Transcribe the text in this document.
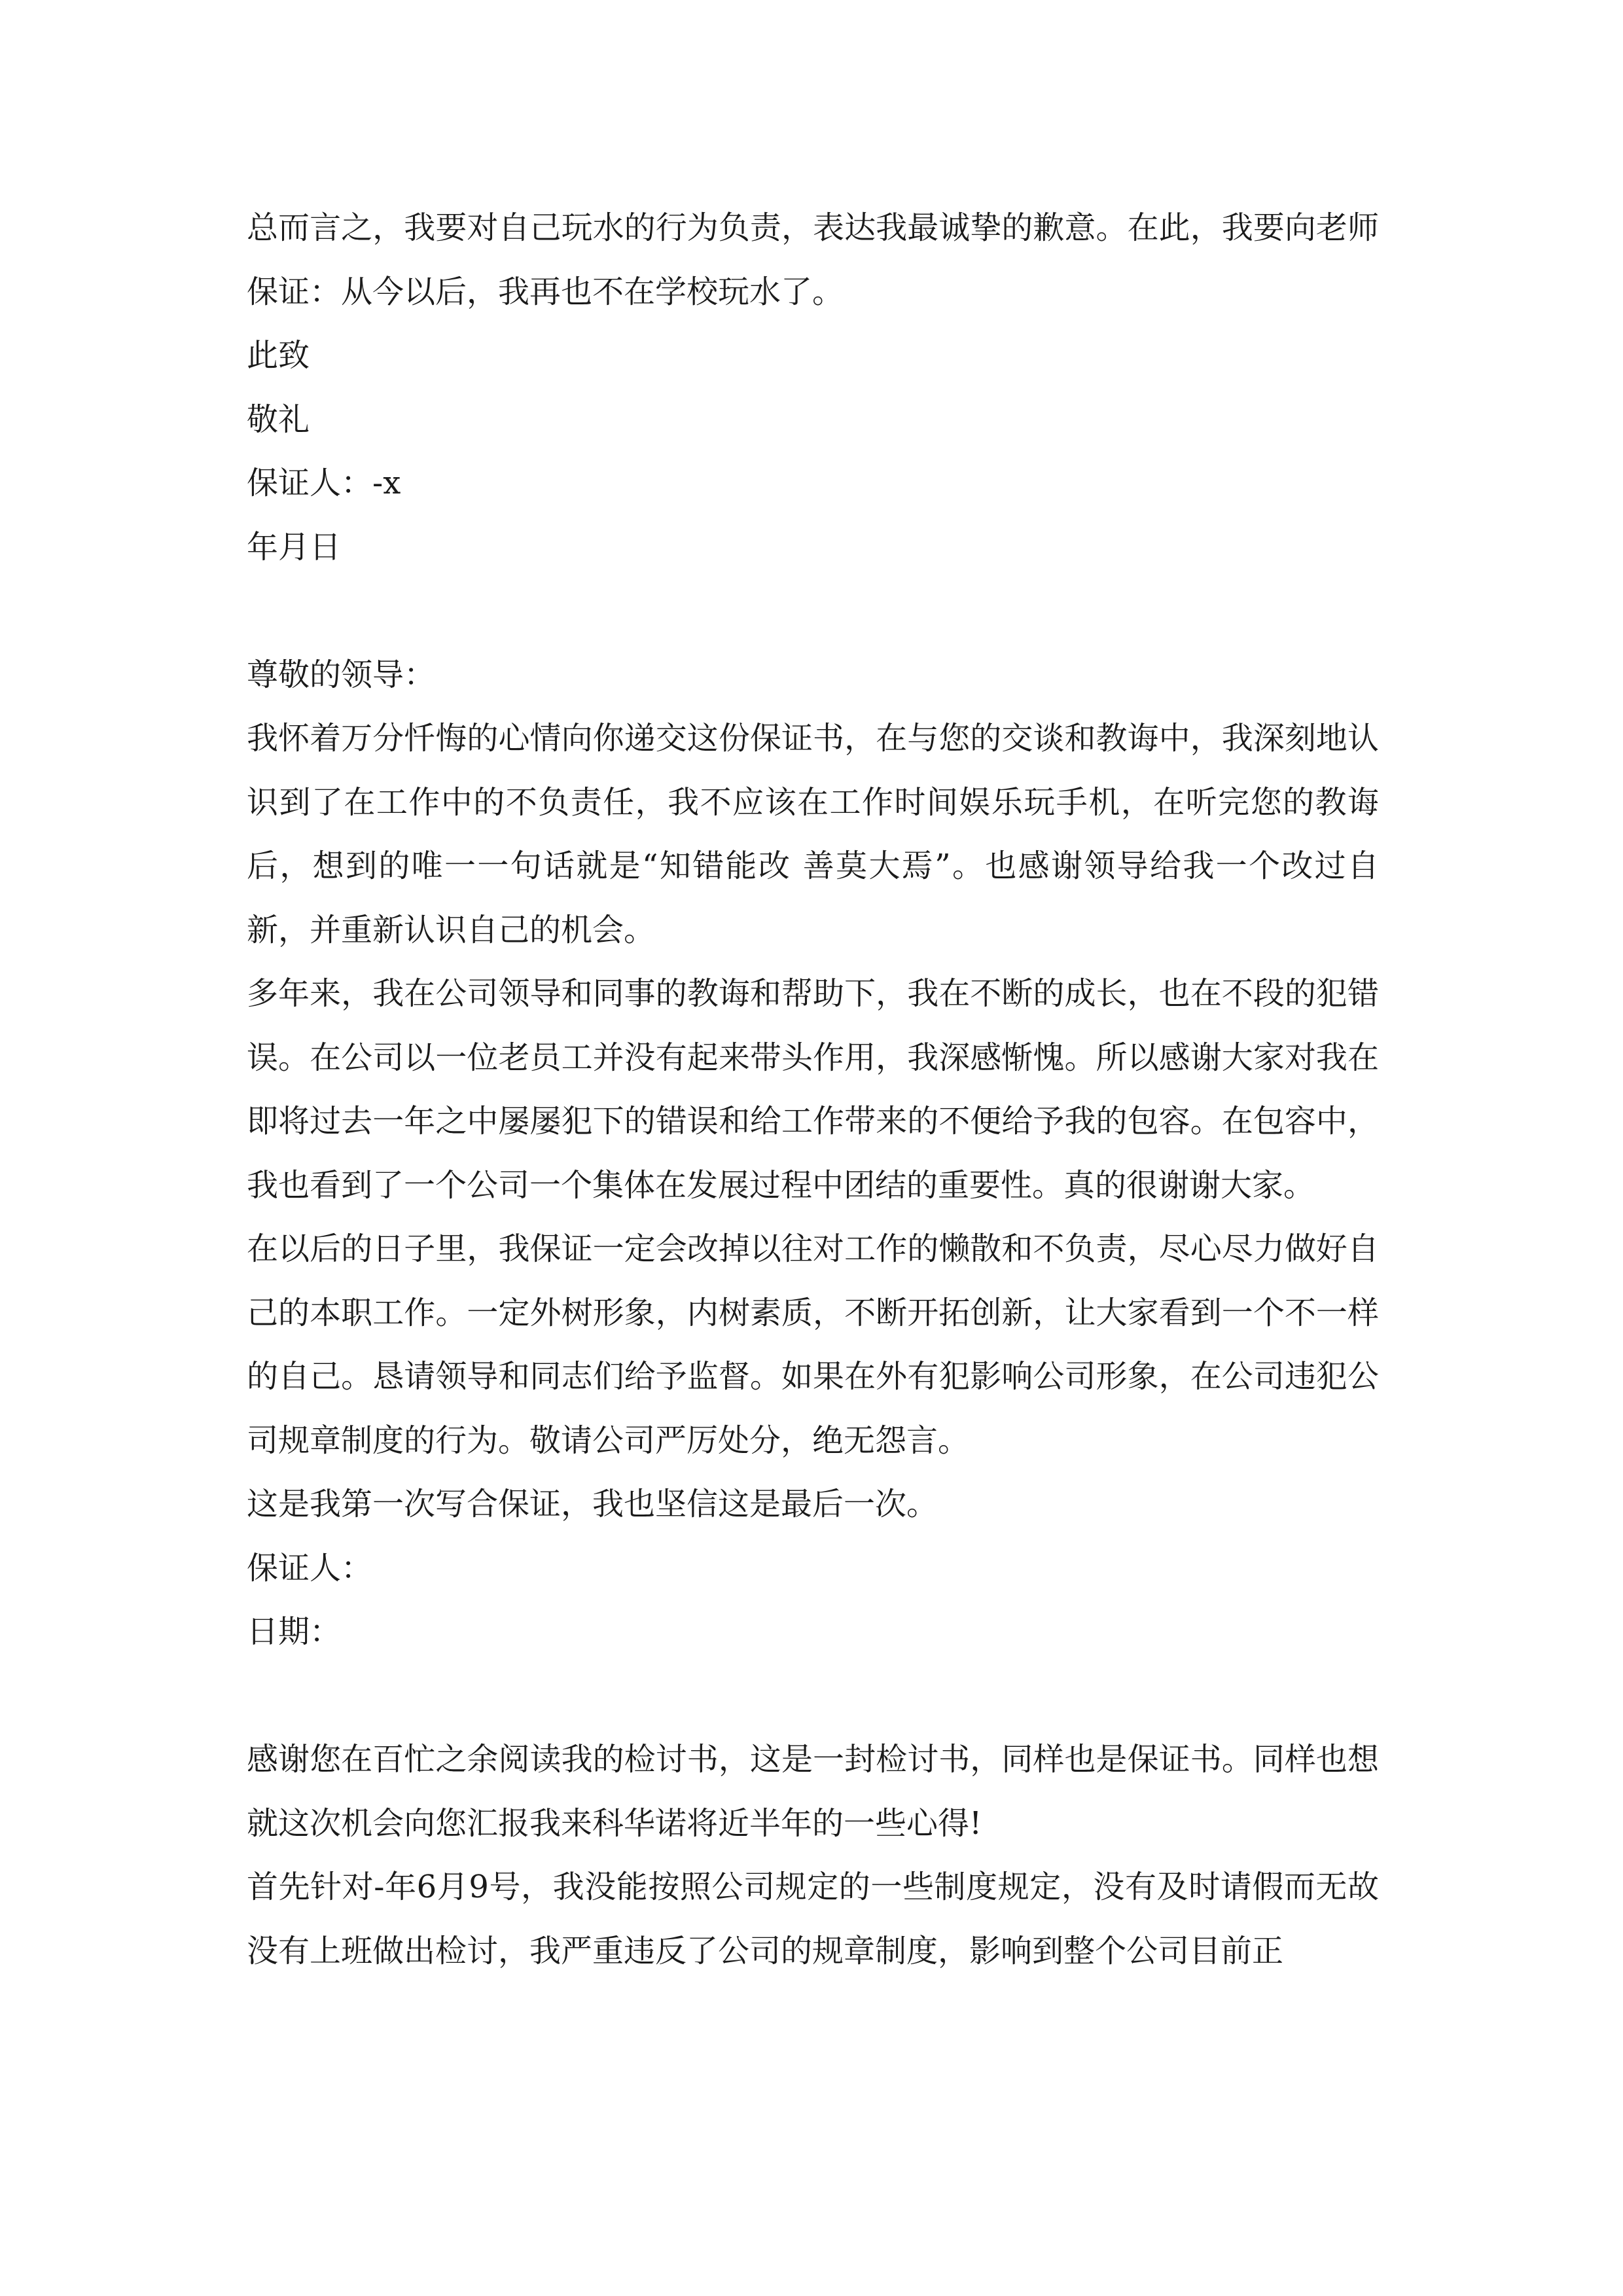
总而言之，我要对自己玩水的行为负责，表达我最诚挚的歉意。在此，我要向老师保证：从今以后，我再也不在学校玩水了。

此致

敬礼

保证人：-x

年月日

尊敬的领导：

我怀着万分忏悔的心情向你递交这份保证书，在与您的交谈和教诲中，我深刻地认识到了在工作中的不负责任，我不应该在工作时间娱乐玩手机，在听完您的教诲后，想到的唯一一句话就是“知错能改 善莫大焉”。也感谢领导给我一个改过自新，并重新认识自己的机会。

多年来，我在公司领导和同事的教诲和帮助下，我在不断的成长，也在不段的犯错误。在公司以一位老员工并没有起来带头作用，我深感惭愧。所以感谢大家对我在即将过去一年之中屡屡犯下的错误和给工作带来的不便给予我的包容。在包容中，我也看到了一个公司一个集体在发展过程中团结的重要性。真的很谢谢大家。

在以后的日子里，我保证一定会改掉以往对工作的懒散和不负责，尽心尽力做好自己的本职工作。一定外树形象，内树素质，不断开拓创新，让大家看到一个不一样的自己。恳请领导和同志们给予监督。如果在外有犯影响公司形象，在公司违犯公司规章制度的行为。敬请公司严厉处分，绝无怨言。

这是我第一次写合保证，我也坚信这是最后一次。

保证人：

日期：

感谢您在百忙之余阅读我的检讨书，这是一封检讨书，同样也是保证书。同样也想就这次机会向您汇报我来科华诺将近半年的一些心得!

首先针对-年6月9号，我没能按照公司规定的一些制度规定，没有及时请假而无故没有上班做出检讨，我严重违反了公司的规章制度，影响到整个公司目前正
